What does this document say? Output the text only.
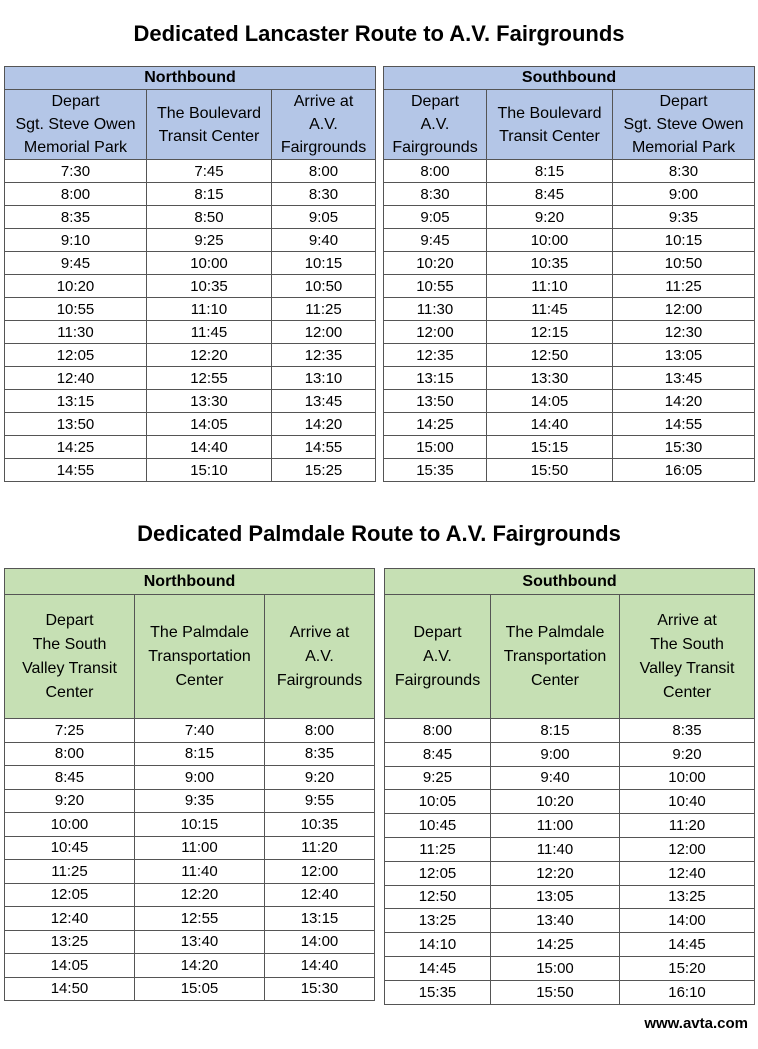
Dedicated Lancaster Route to A.V. Fairgrounds
Northbound		
Depart
Sgt. Steve Owen
Memorial Park	The Boulevard
Transit Center	Arrive at
A.V.
Fairgrounds
7:30	7:45	8:00
8:00	8:15	8:30
8:35	8:50	9:05
9:10	9:25	9:40
9:45	10:00	10:15
10:20	10:35	10:50
10:55	11:10	11:25
11:30	11:45	12:00
12:05	12:20	12:35
12:40	12:55	13:10
13:15	13:30	13:45
13:50	14:05	14:20
14:25	14:40	14:55
14:55	15:10	15:25
Southbound		
Depart
A.V.
Fairgrounds	The Boulevard
Transit Center	Depart
Sgt. Steve Owen
Memorial Park
8:00	8:15	8:30
8:30	8:45	9:00
9:05	9:20	9:35
9:45	10:00	10:15
10:20	10:35	10:50
10:55	11:10	11:25
11:30	11:45	12:00
12:00	12:15	12:30
12:35	12:50	13:05
13:15	13:30	13:45
13:50	14:05	14:20
14:25	14:40	14:55
15:00	15:15	15:30
15:35	15:50	16:05
Dedicated Palmdale Route to A.V. Fairgrounds
Northbound		
Depart
The South
Valley Transit
Center	The Palmdale
Transportation
Center	Arrive at
A.V.
Fairgrounds
7:25	7:40	8:00
8:00	8:15	8:35
8:45	9:00	9:20
9:20	9:35	9:55
10:00	10:15	10:35
10:45	11:00	11:20
11:25	11:40	12:00
12:05	12:20	12:40
12:40	12:55	13:15
13:25	13:40	14:00
14:05	14:20	14:40
14:50	15:05	15:30
Southbound		
Depart
A.V.
Fairgrounds	The Palmdale
Transportation
Center	Arrive at
The South
Valley Transit
Center
8:00	8:15	8:35
8:45	9:00	9:20
9:25	9:40	10:00
10:05	10:20	10:40
10:45	11:00	11:20
11:25	11:40	12:00
12:05	12:20	12:40
12:50	13:05	13:25
13:25	13:40	14:00
14:10	14:25	14:45
14:45	15:00	15:20
15:35	15:50	16:10
www.avta.com
